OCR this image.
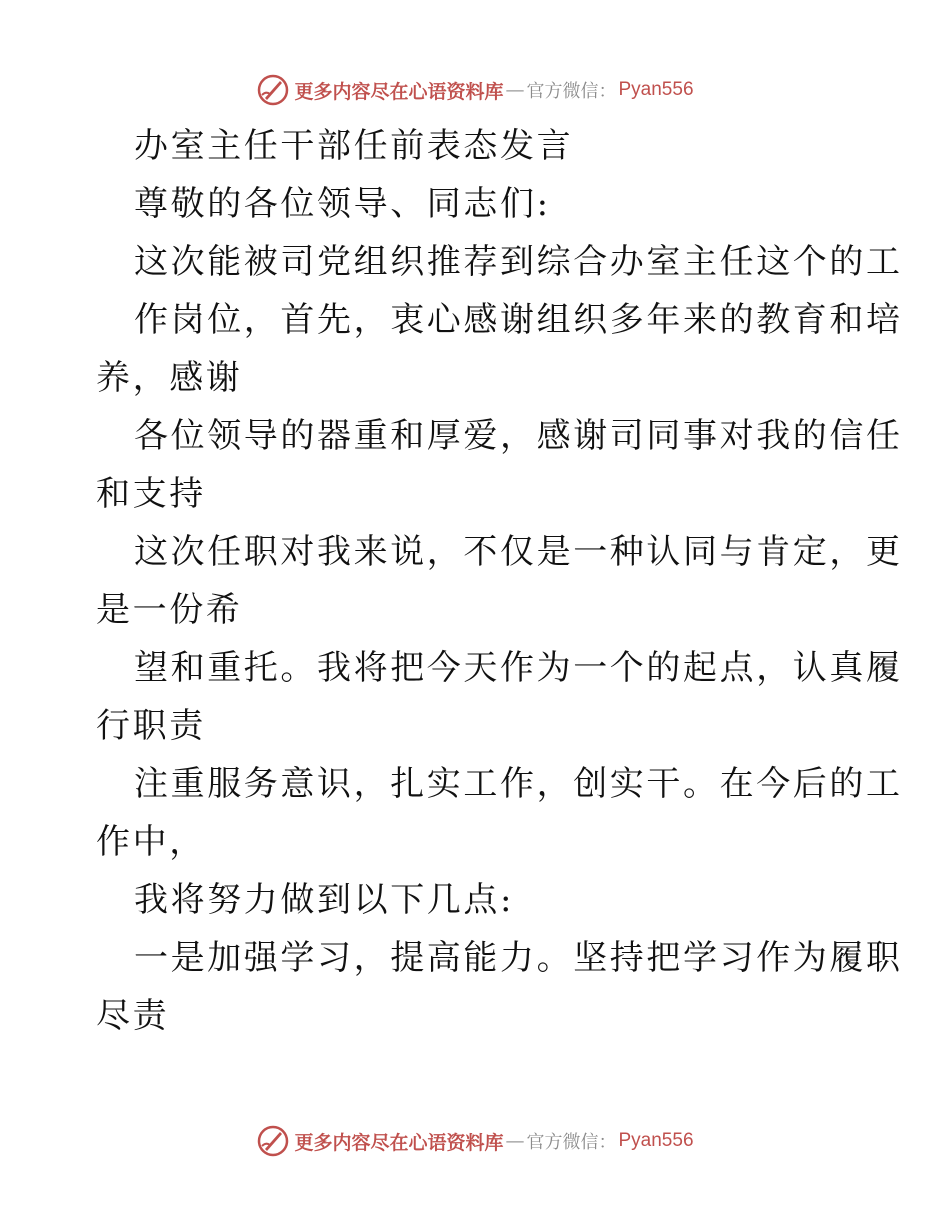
更多内容尽在心语资料库 — 官方微信： Pyan556
办室主任干部任前表态发言
尊敬的各位领导、同志们:
这次能被司党组织推荐到综合办室主任这个的工
作岗位，首先，衷心感谢组织多年来的教育和培
养，感谢
各位领导的器重和厚爱，感谢司同事对我的信任
和支持
这次任职对我来说，不仅是一种认同与肯定，更
是一份希
望和重托。我将把今天作为一个的起点，认真履
行职责
注重服务意识，扎实工作，创实干。在今后的工
作中，
我将努力做到以下几点:
一是加强学习，提高能力。坚持把学习作为履职
尽责
更多内容尽在心语资料库 — 官方微信： Pyan556
